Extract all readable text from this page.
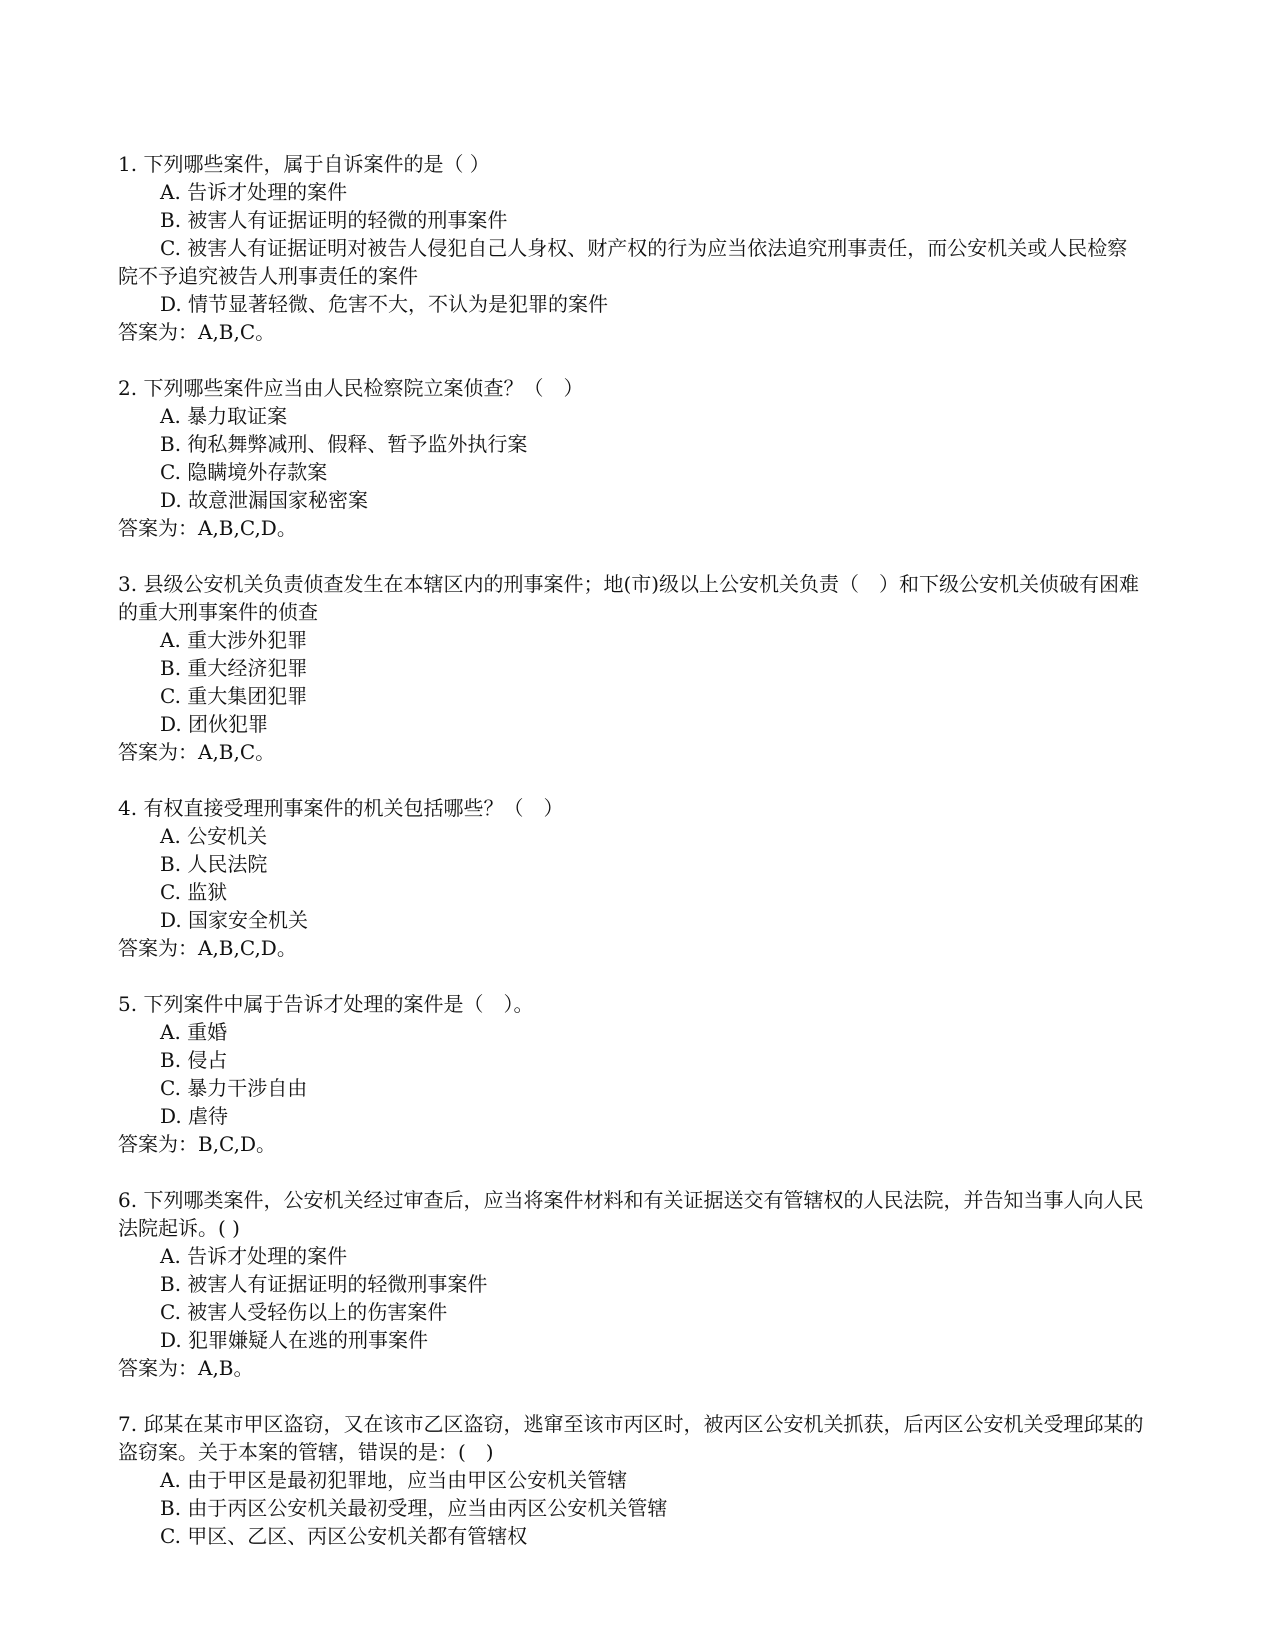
1. 下列哪些案件，属于自诉案件的是（ ）

A. 告诉才处理的案件
B. 被害人有证据证明的轻微的刑事案件
C. 被害人有证据证明对被告人侵犯自己人身权、财产权的行为应当依法追究刑事责任，而公安机关或人民检察院不予追究被告人刑事责任的案件
D. 情节显著轻微、危害不大，不认为是犯罪的案件

答案为：A,B,C。

2. 下列哪些案件应当由人民检察院立案侦查？（　）

A. 暴力取证案
B. 徇私舞弊减刑、假释、暂予监外执行案
C. 隐瞒境外存款案
D. 故意泄漏国家秘密案

答案为：A,B,C,D。

3. 县级公安机关负责侦查发生在本辖区内的刑事案件；地(市)级以上公安机关负责（　）和下级公安机关侦破有困难的重大刑事案件的侦查

A. 重大涉外犯罪
B. 重大经济犯罪
C. 重大集团犯罪
D. 团伙犯罪

答案为：A,B,C。

4. 有权直接受理刑事案件的机关包括哪些？（　）

A. 公安机关
B. 人民法院
C. 监狱
D. 国家安全机关

答案为：A,B,C,D。

5. 下列案件中属于告诉才处理的案件是（　）。

A. 重婚
B. 侵占
C. 暴力干涉自由
D. 虐待

答案为：B,C,D。

6. 下列哪类案件，公安机关经过审查后，应当将案件材料和有关证据送交有管辖权的人民法院，并告知当事人向人民法院起诉。( )

A. 告诉才处理的案件
B. 被害人有证据证明的轻微刑事案件
C. 被害人受轻伤以上的伤害案件
D. 犯罪嫌疑人在逃的刑事案件

答案为：A,B。

7. 邱某在某市甲区盗窃，又在该市乙区盗窃，逃窜至该市丙区时，被丙区公安机关抓获，后丙区公安机关受理邱某的盗窃案。关于本案的管辖，错误的是：(　)

A. 由于甲区是最初犯罪地，应当由甲区公安机关管辖
B. 由于丙区公安机关最初受理，应当由丙区公安机关管辖
C. 甲区、乙区、丙区公安机关都有管辖权
